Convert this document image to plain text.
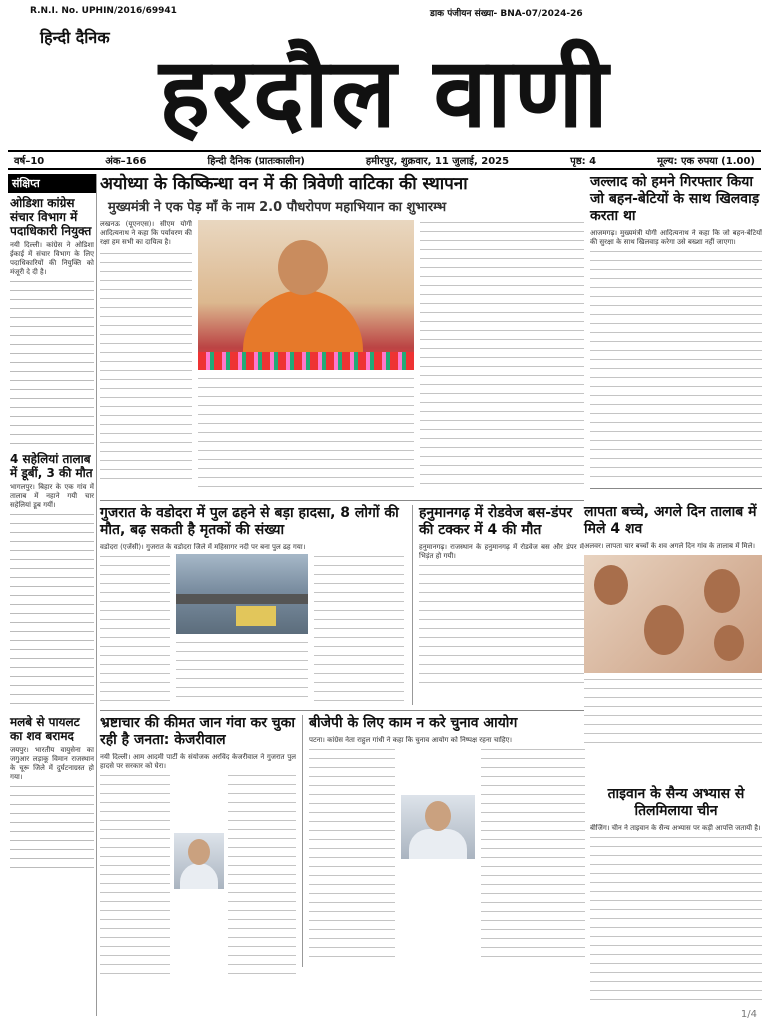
R.N.I. No. UPHIN/2016/69941	डाक पंजीयन संख्या- BNA-07/2024-26
हिन्दी दैनिक हरदौल वाणी
वर्ष–10	अंक–166	हिन्दी दैनिक (प्रातःकालीन)	हमीरपुर, शुक्रवार, 11 जुलाई, 2025	पृष्ठ: 4	मूल्य: एक रुपया (1.00)
संक्षिप्त
ओडिशा कांग्रेस संचार विभाग में पदाधिकारी नियुक्त
नयी दिल्ली। कांग्रेस ने ओडिशा ईकाई में संचार विभाग के लिए पदाधिकारियों की नियुक्ति को मंजूरी दे दी है।
4 सहेलियां तालाब में डूबीं, 3 की मौत
भागलपुर। बिहार के एक गांव में तालाब में नहाने गयी चार सहेलियां डूब गयीं।
मलबे से पायलट का शव बरामद
जयपुर। भारतीय वायुसेना का जगुआर लड़ाकू विमान राजस्थान के चूरू जिले में दुर्घटनाग्रस्त हो गया।
अयोध्या के किष्किन्धा वन में की त्रिवेणी वाटिका की स्थापना
मुख्यमंत्री ने एक पेड़ माँ के नाम 2.0 पौधरोपण महाभियान का शुभारम्भ
लखनऊ (यूएनएस)। सीएम योगी आदित्यनाथ ने कहा कि पर्यावरण की रक्षा हम सभी का दायित्व है।
गुजरात के वडोदरा में पुल ढहने से बड़ा हादसा, 8 लोगों की मौत, बढ़ सकती है मृतकों की संख्या
वडोदरा (एजेंसी)। गुजरात के वडोदरा जिले में महिसागर नदी पर बना पुल ढह गया।
हनुमानगढ़ में रोडवेज बस-डंपर की टक्कर में 4 की मौत
हनुमानगढ़। राजस्थान के हनुमानगढ़ में रोडवेज बस और डंपर में भिड़ंत हो गयी।
भ्रष्टाचार की कीमत जान गंवा कर चुका रही है जनता: केजरीवाल
नयी दिल्ली। आम आदमी पार्टी के संयोजक अरविंद केजरीवाल ने गुजरात पुल हादसे पर सरकार को घेरा।
बीजेपी के लिए काम न करे चुनाव आयोग
पटना। कांग्रेस नेता राहुल गांधी ने कहा कि चुनाव आयोग को निष्पक्ष रहना चाहिए।
जल्लाद को हमने गिरफ्तार किया जो बहन-बेटियों के साथ खिलवाड़ करता था
आजमगढ़। मुख्यमंत्री योगी आदित्यनाथ ने कहा कि जो बहन-बेटियों की सुरक्षा के साथ खिलवाड़ करेगा उसे बख्शा नहीं जाएगा।
लापता बच्चे, अगले दिन तालाब में मिले 4 शव
अलवर। लापता चार बच्चों के शव अगले दिन गांव के तालाब में मिले।
ताइवान के सैन्य अभ्यास से तिलमिलाया चीन
बीजिंग। चीन ने ताइवान के सैन्य अभ्यास पर कड़ी आपत्ति जतायी है।
1/4
